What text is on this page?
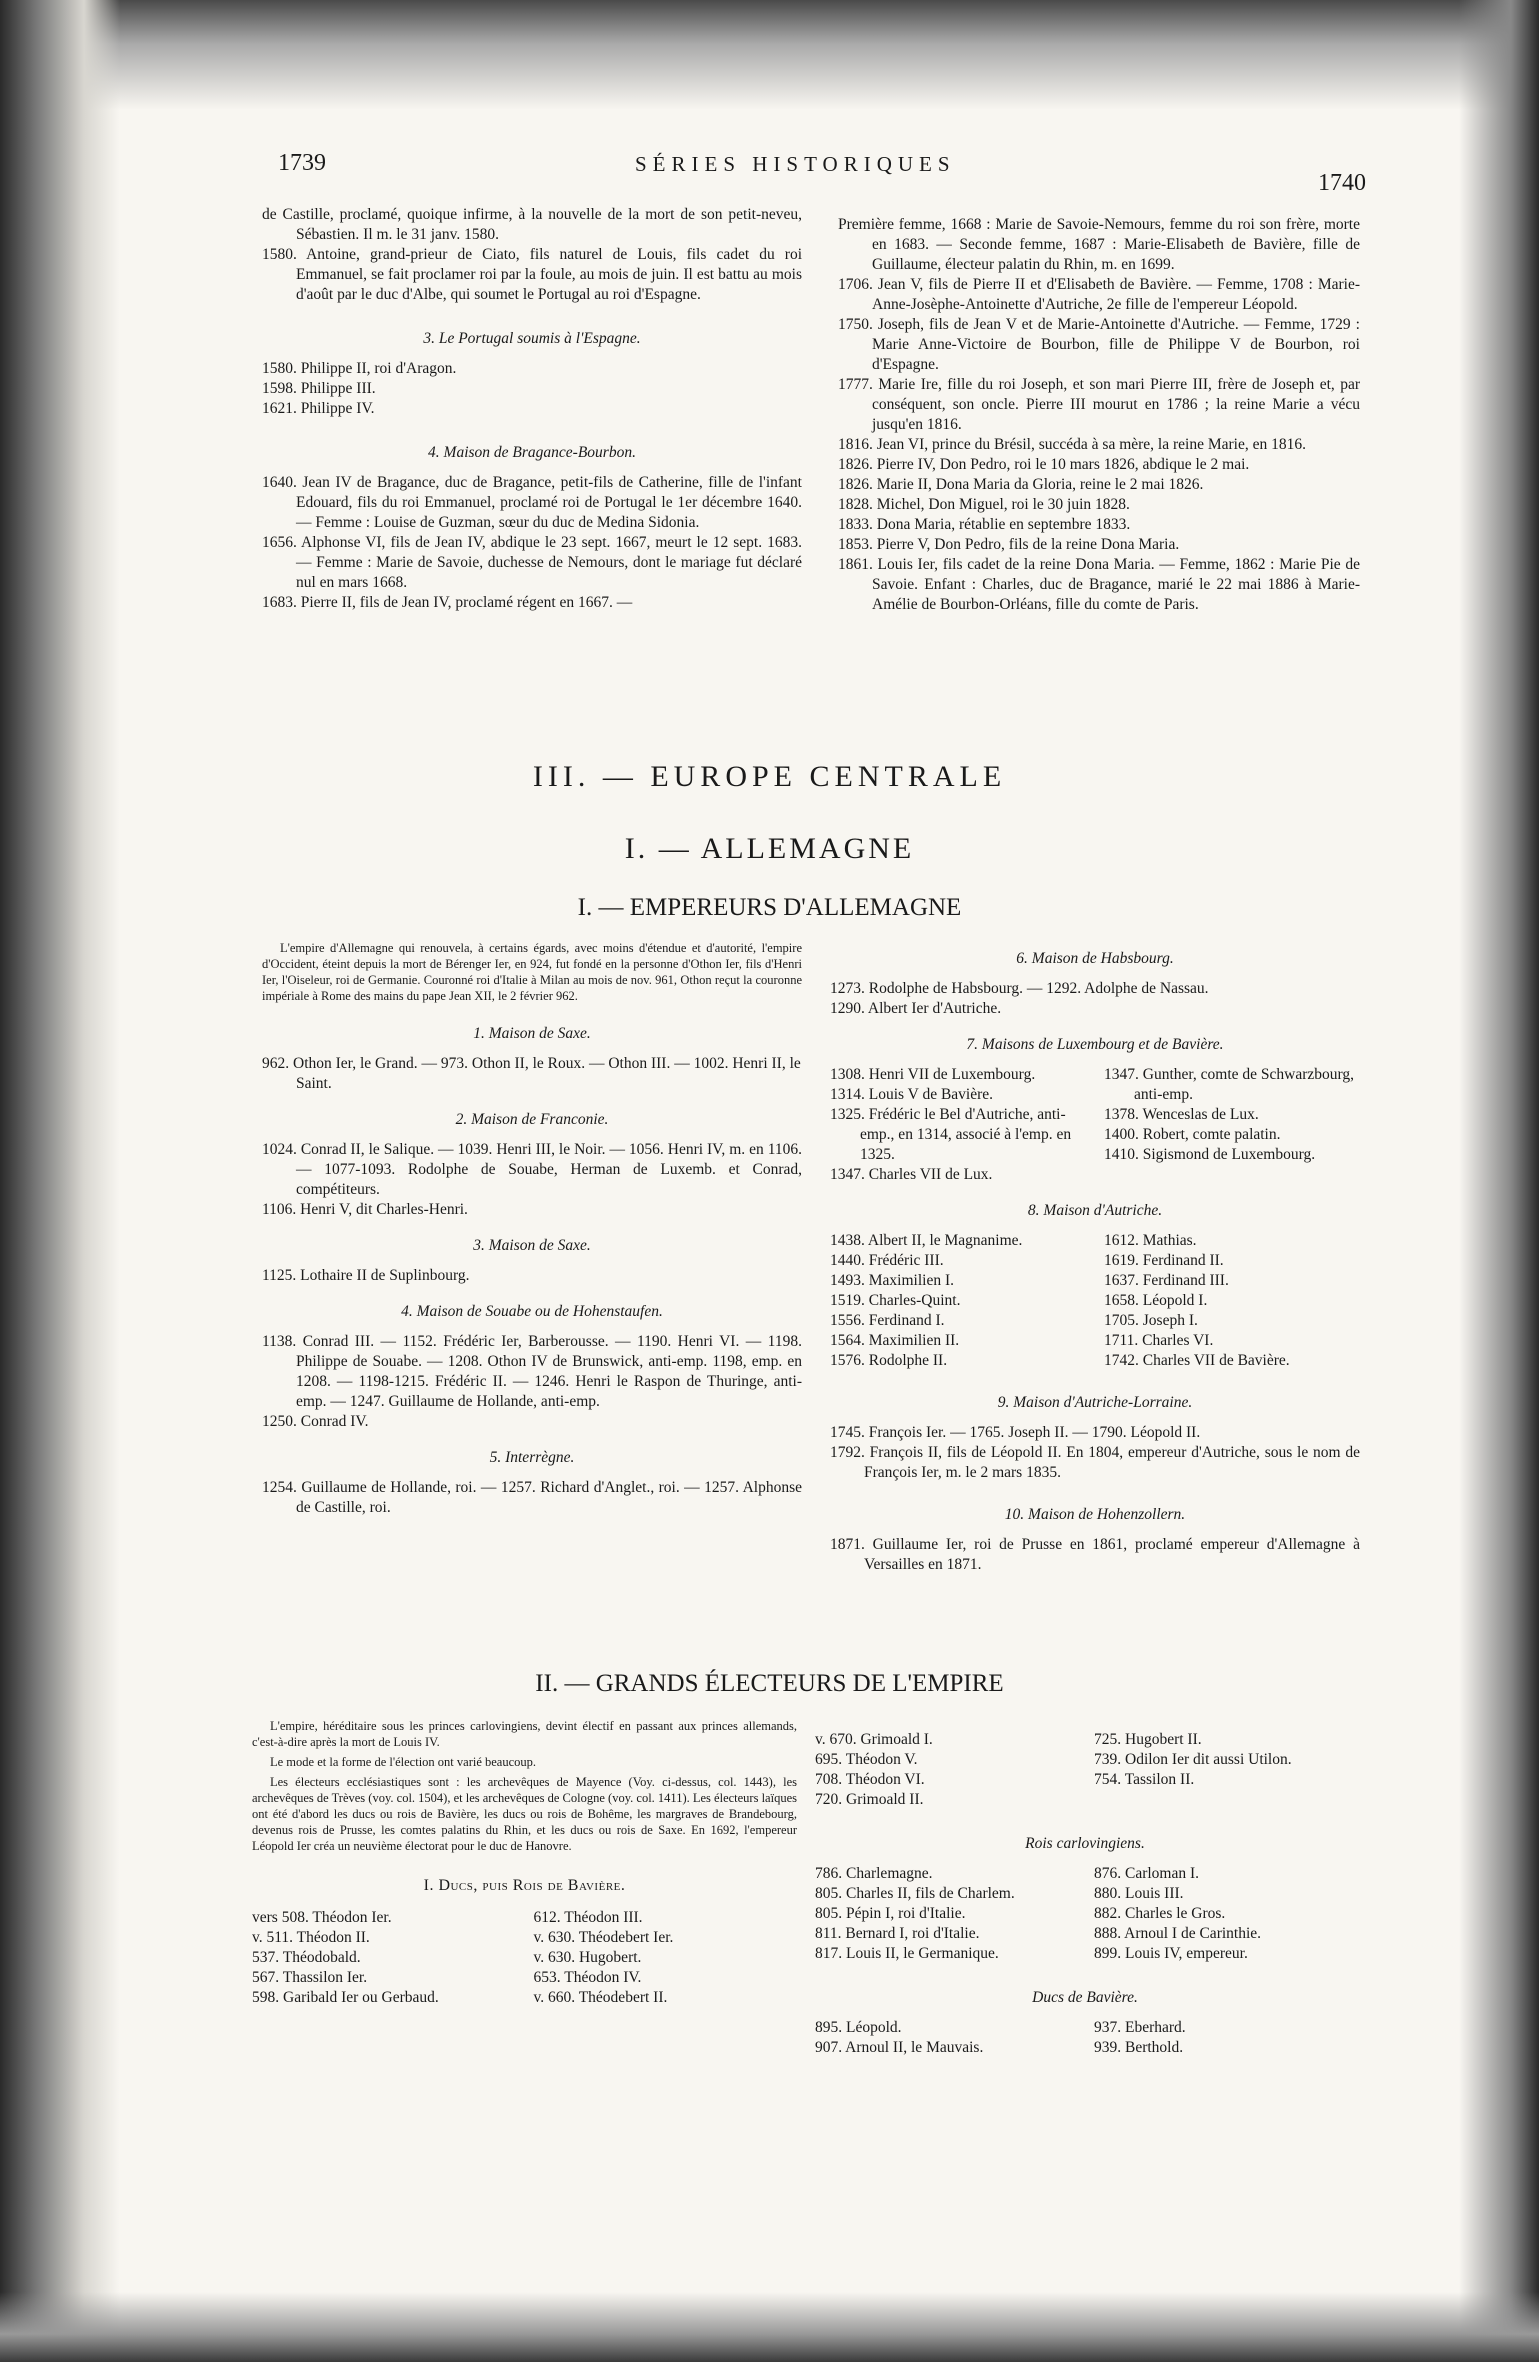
1739	SÉRIES HISTORIQUES
1740

de Castille, proclamé, quoique infirme, à la nouvelle de la mort de son petit-neveu, Sébastien. Il m. le 31 janv. 1580.

1580. Antoine, grand-prieur de Ciato, fils naturel de Louis, fils cadet du roi Emmanuel, se fait proclamer roi par la foule, au mois de juin. Il est battu au mois d'août par le duc d'Albe, qui soumet le Portugal au roi d'Espagne.

3. Le Portugal soumis à l'Espagne.

1580. Philippe II, roi d'Aragon.

1598. Philippe III.

1621. Philippe IV.

4. Maison de Bragance-Bourbon.

1640. Jean IV de Bragance, duc de Bragance, petit-fils de Catherine, fille de l'infant Edouard, fils du roi Emmanuel, proclamé roi de Portugal le 1er décembre 1640. — Femme : Louise de Guzman, sœur du duc de Medina Sidonia.

1656. Alphonse VI, fils de Jean IV, abdique le 23 sept. 1667, meurt le 12 sept. 1683. — Femme : Marie de Savoie, duchesse de Nemours, dont le mariage fut déclaré nul en mars 1668.

1683. Pierre II, fils de Jean IV, proclamé régent en 1667. —

Première femme, 1668 : Marie de Savoie-Nemours, femme du roi son frère, morte en 1683. — Seconde femme, 1687 : Marie-Elisabeth de Bavière, fille de Guillaume, électeur palatin du Rhin, m. en 1699.

1706. Jean V, fils de Pierre II et d'Elisabeth de Bavière. — Femme, 1708 : Marie-Anne-Josèphe-Antoinette d'Autriche, 2e fille de l'empereur Léopold.

1750. Joseph, fils de Jean V et de Marie-Antoinette d'Autriche. — Femme, 1729 : Marie Anne-Victoire de Bourbon, fille de Philippe V de Bourbon, roi d'Espagne.

1777. Marie Ire, fille du roi Joseph, et son mari Pierre III, frère de Joseph et, par conséquent, son oncle. Pierre III mourut en 1786 ; la reine Marie a vécu jusqu'en 1816.

1816. Jean VI, prince du Brésil, succéda à sa mère, la reine Marie, en 1816.

1826. Pierre IV, Don Pedro, roi le 10 mars 1826, abdique le 2 mai.

1826. Marie II, Dona Maria da Gloria, reine le 2 mai 1826.

1828. Michel, Don Miguel, roi le 30 juin 1828.

1833. Dona Maria, rétablie en septembre 1833.

1853. Pierre V, Don Pedro, fils de la reine Dona Maria.

1861. Louis Ier, fils cadet de la reine Dona Maria. — Femme, 1862 : Marie Pie de Savoie. Enfant : Charles, duc de Bragance, marié le 22 mai 1886 à Marie-Amélie de Bourbon-Orléans, fille du comte de Paris.

III. — EUROPE CENTRALE
I. — ALLEMAGNE
I. — EMPEREURS D'ALLEMAGNE

L'empire d'Allemagne qui renouvela, à certains égards, avec moins d'étendue et d'autorité, l'empire d'Occident, éteint depuis la mort de Bérenger Ier, en 924, fut fondé en la personne d'Othon Ier, fils d'Henri Ier, l'Oiseleur, roi de Germanie. Couronné roi d'Italie à Milan au mois de nov. 961, Othon reçut la couronne impériale à Rome des mains du pape Jean XII, le 2 février 962.

1. Maison de Saxe.

962. Othon Ier, le Grand. — 973. Othon II, le Roux. — Othon III. — 1002. Henri II, le Saint.

2. Maison de Franconie.

1024. Conrad II, le Salique. — 1039. Henri III, le Noir. — 1056. Henri IV, m. en 1106. — 1077-1093. Rodolphe de Souabe, Herman de Luxemb. et Conrad, compétiteurs.

1106. Henri V, dit Charles-Henri.

3. Maison de Saxe.

1125. Lothaire II de Suplinbourg.

4. Maison de Souabe ou de Hohenstaufen.

1138. Conrad III. — 1152. Frédéric Ier, Barberousse. — 1190. Henri VI. — 1198. Philippe de Souabe. — 1208. Othon IV de Brunswick, anti-emp. 1198, emp. en 1208. — 1198-1215. Frédéric II. — 1246. Henri le Raspon de Thuringe, anti-emp. — 1247. Guillaume de Hollande, anti-emp.

1250. Conrad IV.

5. Interrègne.

1254. Guillaume de Hollande, roi. — 1257. Richard d'Anglet., roi. — 1257. Alphonse de Castille, roi.

6. Maison de Habsbourg.

1273. Rodolphe de Habsbourg. — 1292. Adolphe de Nassau.

1290. Albert Ier d'Autriche.

7. Maisons de Luxembourg et de Bavière.

1308. Henri VII de Luxembourg.

1314. Louis V de Bavière.

1325. Frédéric le Bel d'Autriche, anti-emp., en 1314, associé à l'emp. en 1325.

1347. Charles VII de Lux.

1347. Gunther, comte de Schwarzbourg, anti-emp.

1378. Wenceslas de Lux.

1400. Robert, comte palatin.

1410. Sigismond de Luxembourg.

8. Maison d'Autriche.

1438. Albert II, le Magnanime.

1440. Frédéric III.

1493. Maximilien I.

1519. Charles-Quint.

1556. Ferdinand I.

1564. Maximilien II.

1576. Rodolphe II.

1612. Mathias.

1619. Ferdinand II.

1637. Ferdinand III.

1658. Léopold I.

1705. Joseph I.

1711. Charles VI.

1742. Charles VII de Bavière.

9. Maison d'Autriche-Lorraine.

1745. François Ier. — 1765. Joseph II. — 1790. Léopold II.

1792. François II, fils de Léopold II. En 1804, empereur d'Autriche, sous le nom de François Ier, m. le 2 mars 1835.

10. Maison de Hohenzollern.

1871. Guillaume Ier, roi de Prusse en 1861, proclamé empereur d'Allemagne à Versailles en 1871.

II. — GRANDS ÉLECTEURS DE L'EMPIRE

L'empire, héréditaire sous les princes carlovingiens, devint électif en passant aux princes allemands, c'est-à-dire après la mort de Louis IV.

Le mode et la forme de l'élection ont varié beaucoup.

Les électeurs ecclésiastiques sont : les archevêques de Mayence (Voy. ci-dessus, col. 1443), les archevêques de Trèves (voy. col. 1504), et les archevêques de Cologne (voy. col. 1411). Les électeurs laïques ont été d'abord les ducs ou rois de Bavière, les ducs ou rois de Bohême, les margraves de Brandebourg, devenus rois de Prusse, les comtes palatins du Rhin, et les ducs ou rois de Saxe. En 1692, l'empereur Léopold Ier créa un neuvième électorat pour le duc de Hanovre.

I. Ducs, puis Rois de Bavière.

vers 508. Théodon Ier.

v. 511. Théodon II.

537. Théodobald.

567. Thassilon Ier.

598. Garibald Ier ou Gerbaud.

612. Théodon III.

v. 630. Théodebert Ier.

v. 630. Hugobert.

653. Théodon IV.

v. 660. Théodebert II.

v. 670. Grimoald I.

695. Théodon V.

708. Théodon VI.

720. Grimoald II.

725. Hugobert II.

739. Odilon Ier dit aussi Utilon.

754. Tassilon II.

Rois carlovingiens.

786. Charlemagne.

805. Charles II, fils de Charlem.

805. Pépin I, roi d'Italie.

811. Bernard I, roi d'Italie.

817. Louis II, le Germanique.

876. Carloman I.

880. Louis III.

882. Charles le Gros.

888. Arnoul I de Carinthie.

899. Louis IV, empereur.

Ducs de Bavière.

895. Léopold.

907. Arnoul II, le Mauvais.

937. Eberhard.

939. Berthold.
